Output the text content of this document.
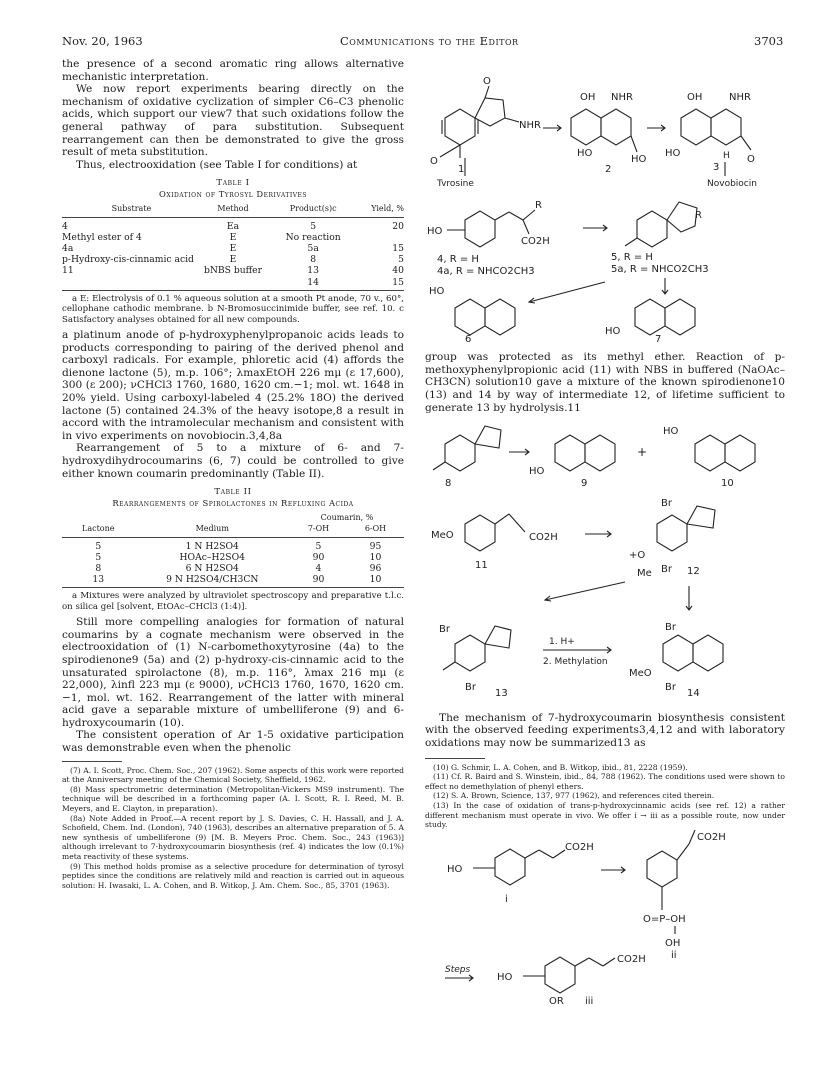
Nov. 20, 1963	Communications to the Editor	3703

the presence of a second aromatic ring allows alternative mechanistic interpretation.

We now report experiments bearing directly on the mechanism of oxidative cyclization of simpler C6–C3 phenolic acids, which support our view7 that such oxidations follow the general pathway of para substitution. Subsequent rearrangement can then be demonstrated to give the gross result of meta substitution.

Thus, electrooxidation (see Table I for conditions) at

Table I
Oxidation of Tyrosyl Derivatives
Substrate	Method	Product(s)c	Yield, %

4	Ea	5	20
Methyl ester of 4	E	No reaction	
4a	E	5a	15
p-Hydroxy-cis-cinnamic acid	E	8	5
11	bNBS buffer	13	40
		14	15

a E: Electrolysis of 0.1 % aqueous solution at a smooth Pt anode, 70 v., 60°, cellophane cathodic membrane. b N-Bromosuccinimide buffer, see ref. 10. c Satisfactory analyses obtained for all new compounds.

a platinum anode of p-hydroxyphenylpropanoic acids leads to products corresponding to pairing of the derived phenol and carboxyl radicals. For example, phloretic acid (4) affords the dienone lactone (5), m.p. 106°; λmaxEtOH 226 mμ (ε 17,600), 300 (ε 200); νCHCl3 1760, 1680, 1620 cm.−1; mol. wt. 1648 in 20% yield. Using carboxyl-labeled 4 (25.2% 18O) the derived lactone (5) contained 24.3% of the heavy isotope,8 a result in accord with the intramolecular mechanism and consistent with in vivo experiments on novobiocin.3,4,8a

Rearrangement of 5 to a mixture of 6- and 7-hydroxydihydrocoumarins (6, 7) could be controlled to give either known coumarin predominantly (Table II).

Table II
Rearrangements of Spirolactones in Refluxing Acida
		Coumarin, %	
Lactone	Medium	7-OH	6-OH

5	1 N H2SO4	5	95
5	HOAc–H2SO4	90	10
8	6 N H2SO4	4	96
13	9 N H2SO4/CH3CN	90	10

a Mixtures were analyzed by ultraviolet spectroscopy and preparative t.l.c. on silica gel [solvent, EtOAc–CHCl3 (1:4)].

Still more compelling analogies for formation of natural coumarins by a cognate mechanism were observed in the electrooxidation of (1) N-carbomethoxytyrosine (4a) to the spirodienone9 (5a) and (2) p-hydroxy-cis-cinnamic acid to the unsaturated spirolactone (8), m.p. 116°, λmax 216 mμ (ε 22,000), λinfl 223 mμ (ε 9000), νCHCl3 1760, 1670, 1620 cm.−1, mol. wt. 162. Rearrangement of the latter with mineral acid gave a separable mixture of umbelliferone (9) and 6-hydroxycoumarin (10).

The consistent operation of Ar 1-5 oxidative participation was demonstrable even when the phenolic

(7) A. I. Scott, Proc. Chem. Soc., 207 (1962). Some aspects of this work were reported at the Anniversary meeting of the Chemical Society, Sheffield, 1962.

(8) Mass spectrometric determination (Metropolitan-Vickers MS9 instrument). The technique will be described in a forthcoming paper (A. I. Scott, R. I. Reed, M. B. Meyers, and E. Clayton, in preparation).

(8a) Note Added in Proof.—A recent report by J. S. Davies, C. H. Hassall, and J. A. Schofield, Chem. Ind. (London), 740 (1963), describes an alternative preparation of 5. A new synthesis of umbelliferone (9) [M. B. Meyers Proc. Chem. Soc., 243 (1963)] although irrelevant to 7-hydroxycoumarin biosynthesis (ref. 4) indicates the low (0.1%) meta reactivity of these systems.

(9) This method holds promise as a selective procedure for determination of tyrosyl peptides since the conditions are relatively mild and reaction is carried out in aqueous solution: H. Iwasaki, L. A. Cohen, and B. Witkop, J. Am. Chem. Soc., 85, 3701 (1963).

O
NHR
O
1
Tyrosine
OH NHR
HO
HO
2
OH	NHR
HO
O
H
3
Novobiocin

HO
R
CO2H
4, R = H
4a, R = NHCO2CH3
R
5, R = H
5a, R = NHCO2CH3
HO
6
HO
7

group was protected as its methyl ether. Reaction of p-methoxyphenylpropionic acid (11) with NBS in buffered (NaOAc–CH3CN) solution10 gave a mixture of the known spirodienone10 (13) and 14 by way of intermediate 12, of lifetime sufficient to generate 13 by hydrolysis.11

8
HO
9
+
HO
10
MeO	CO2H
11
Br
+O
Me Br 12
Br
Br
13
1. H+
2. Methylation
Br
MeO
Br
14

The mechanism of 7-hydroxycoumarin biosynthesis consistent with the observed feeding experiments3,4,12 and with laboratory oxidations may now be summarized13 as

(10) G. Schmir, L. A. Cohen, and B. Witkop, ibid., 81, 2228 (1959).

(11) Cf. R. Baird and S. Winstein, ibid., 84, 788 (1962). The conditions used were shown to effect no demethylation of phenyl ethers.

(12) S. A. Brown, Science, 137, 977 (1962), and references cited therein.

(13) In the case of oxidation of trans-p-hydroxycinnamic acids (see ref. 12) a rather different mechanism must operate in vivo. We offer i → iii as a possible route, now under study.

HO
CO2H
i
CO2H
O=P–OH
OH
ii
Steps
HO
CO2H
OR iii
